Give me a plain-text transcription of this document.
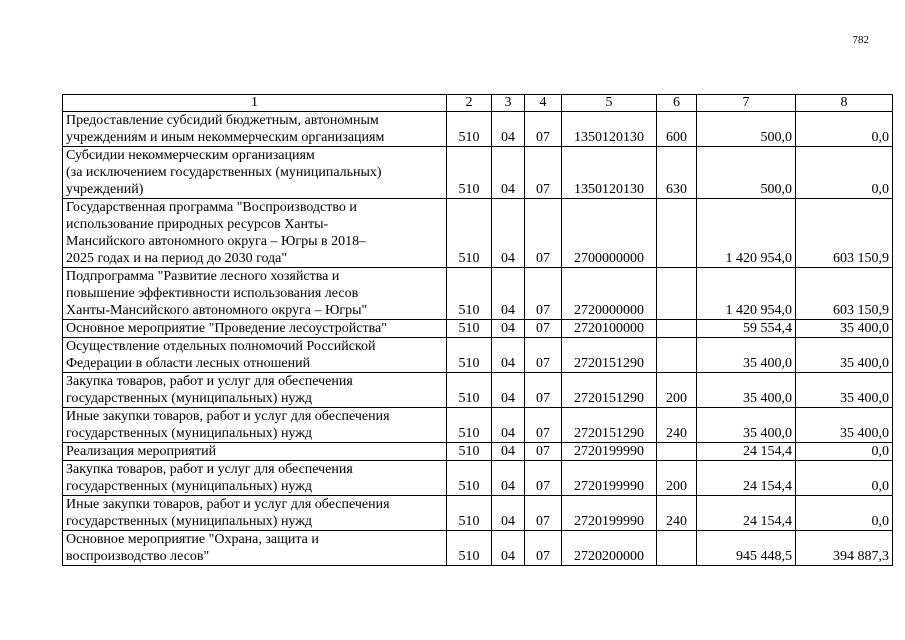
782
1	2	3	4	5	6	7	8
Предоставление субсидий бюджетным, автономным
учреждениям и иным некоммерческим организациям	510	04	07	1350120130	600	500,0	0,0
Субсидии некоммерческим организациям
(за исключением государственных (муниципальных)
учреждений)	510	04	07	1350120130	630	500,0	0,0
Государственная программа "Воспроизводство и
использование природных ресурсов Ханты-
Мансийского автономного округа – Югры в 2018–
2025 годах и на период до 2030 года"	510	04	07	2700000000		1 420 954,0	603 150,9
Подпрограмма "Развитие лесного хозяйства и
повышение эффективности использования лесов
Ханты-Мансийского автономного округа – Югры"	510	04	07	2720000000		1 420 954,0	603 150,9
Основное мероприятие "Проведение лесоустройства"	510	04	07	2720100000		59 554,4	35 400,0
Осуществление отдельных полномочий Российской
Федерации в области лесных отношений	510	04	07	2720151290		35 400,0	35 400,0
Закупка товаров, работ и услуг для обеспечения
государственных (муниципальных) нужд	510	04	07	2720151290	200	35 400,0	35 400,0
Иные закупки товаров, работ и услуг для обеспечения
государственных (муниципальных) нужд	510	04	07	2720151290	240	35 400,0	35 400,0
Реализация мероприятий	510	04	07	2720199990		24 154,4	0,0
Закупка товаров, работ и услуг для обеспечения
государственных (муниципальных) нужд	510	04	07	2720199990	200	24 154,4	0,0
Иные закупки товаров, работ и услуг для обеспечения
государственных (муниципальных) нужд	510	04	07	2720199990	240	24 154,4	0,0
Основное мероприятие "Охрана, защита и
воспроизводство лесов"	510	04	07	2720200000		945 448,5	394 887,3
